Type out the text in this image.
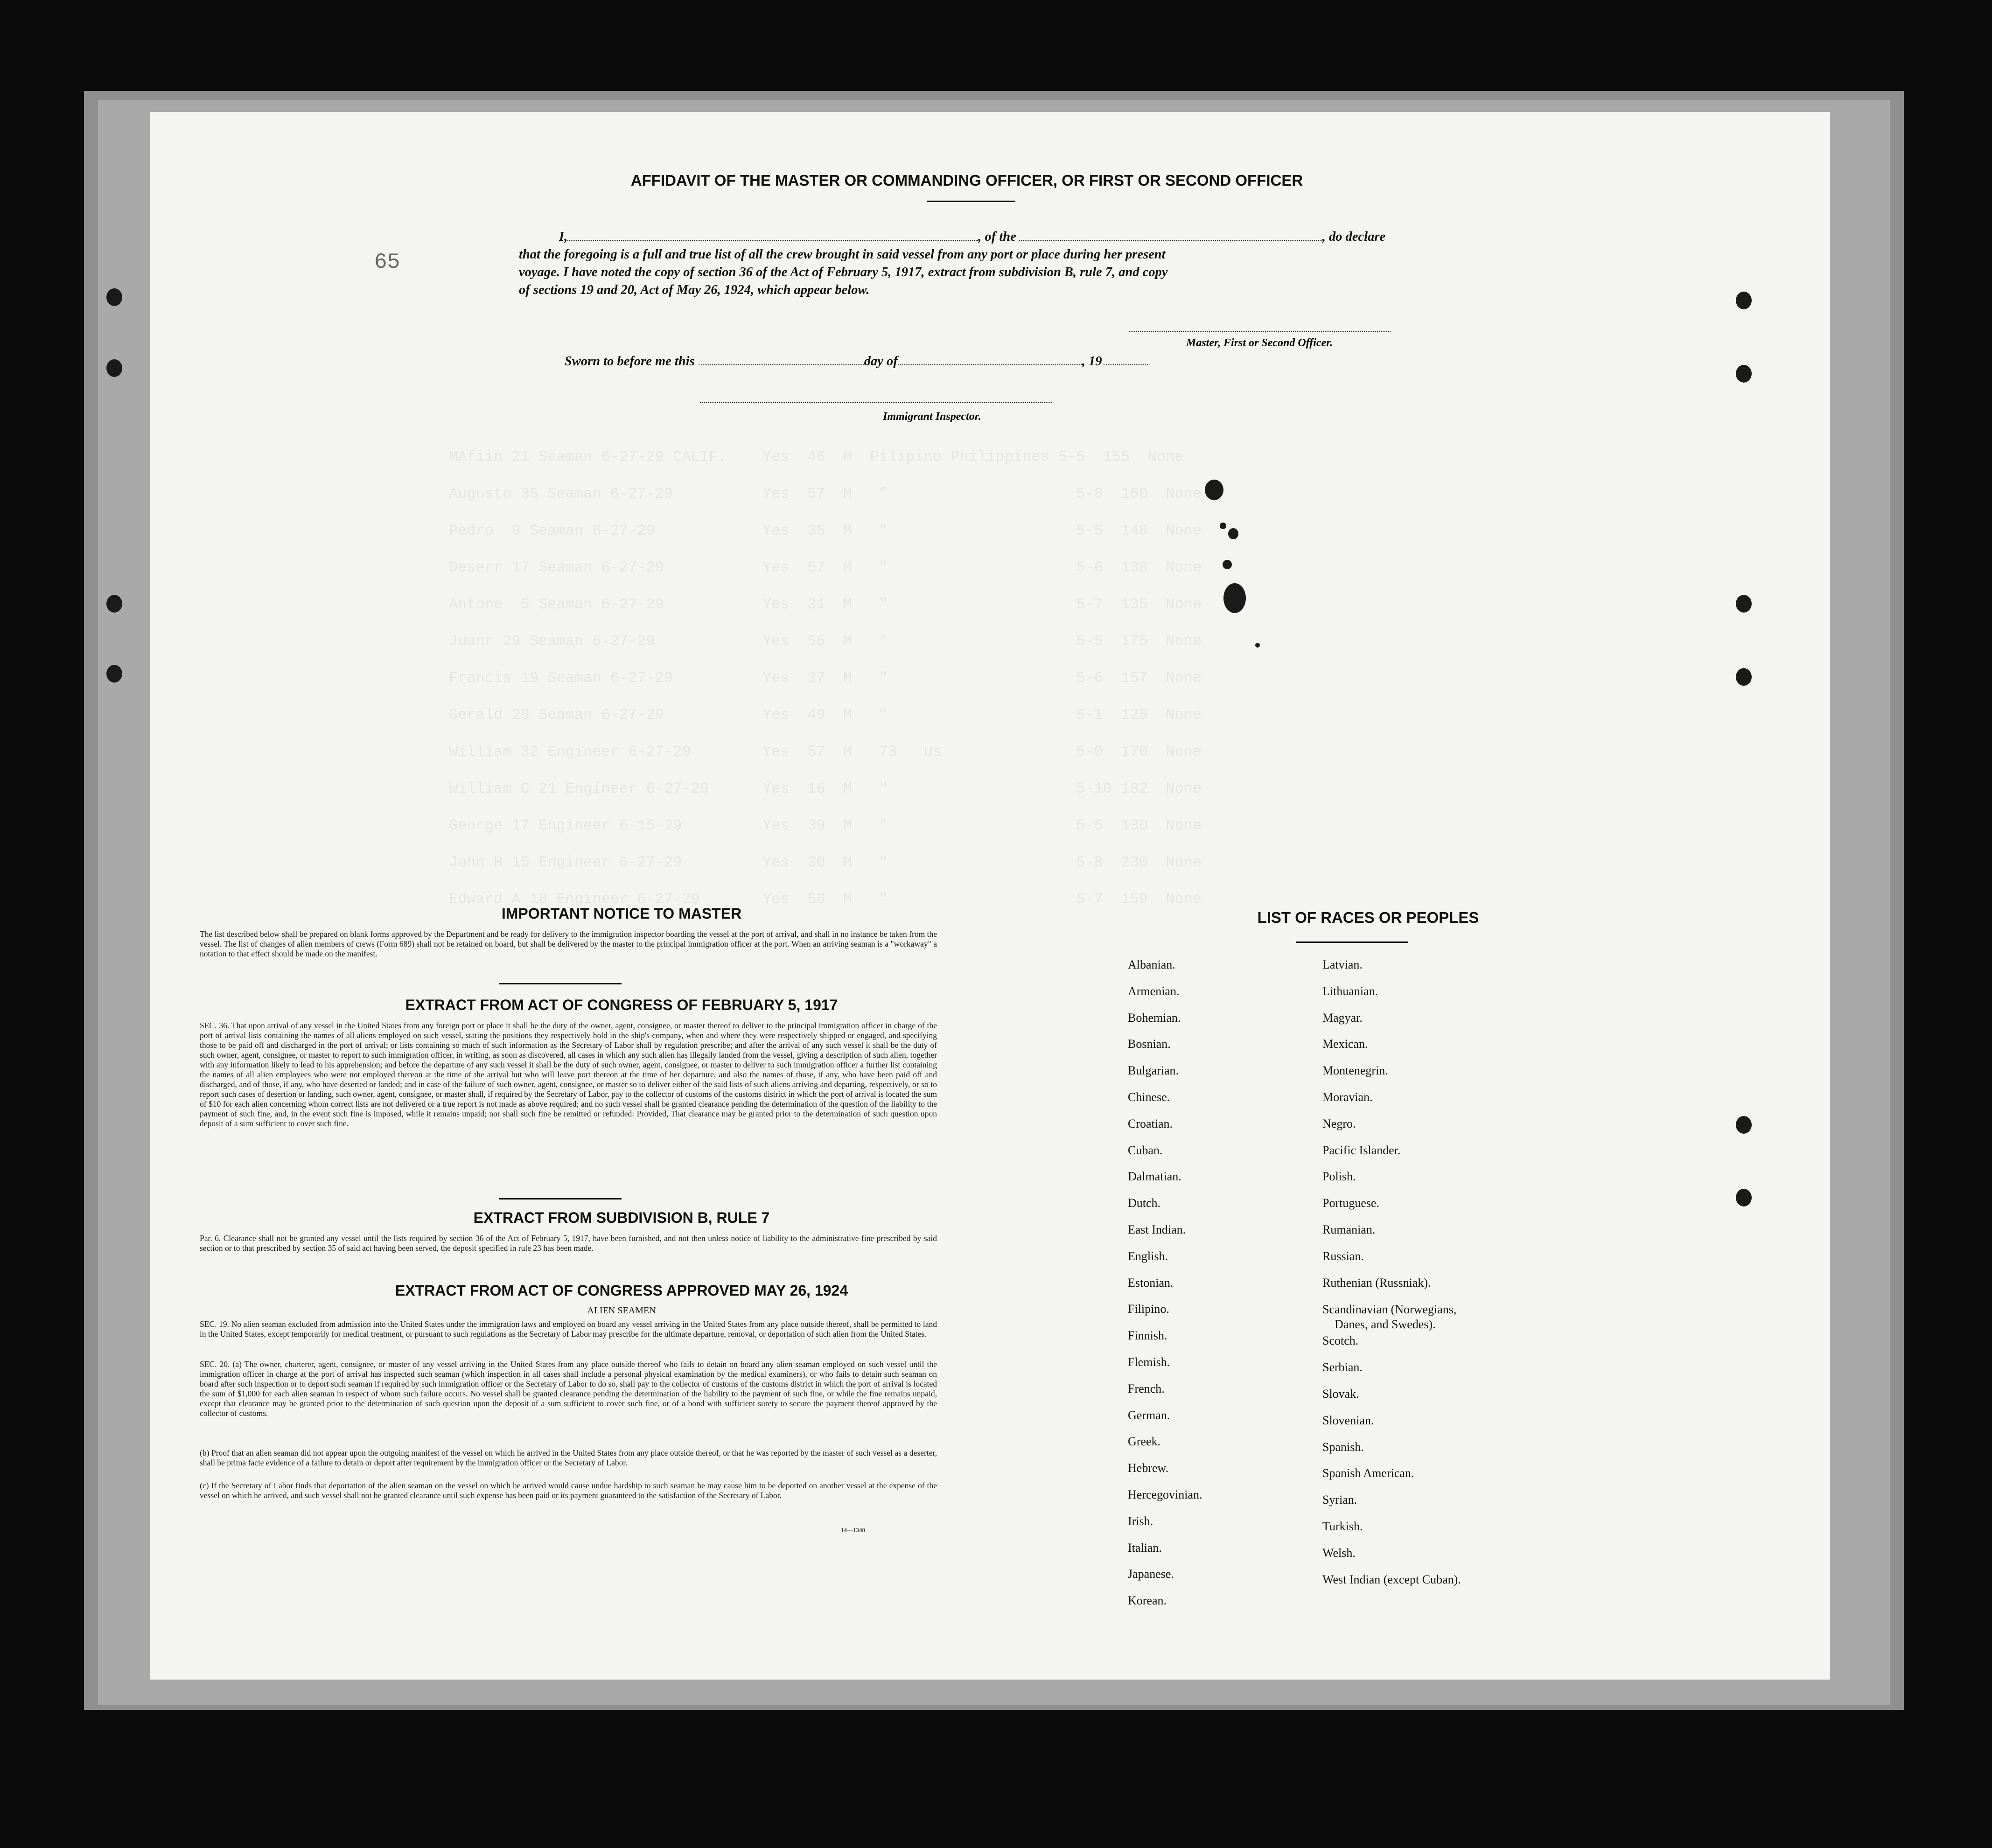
MAfiin 21 Seaman 6-27-29 CALIF.    Yes  46  M  Pilipino Philippines 5-5  155  None
Augusto 35 Seaman 6-27-29          Yes  57  M   "                     5-8  160  None
Pedro  9 Seaman 6-27-29            Yes  35  M   "                     5-5  148  None
Deserr 17 Seaman 6-27-29           Yes  57  M   "                     5-6  138  None
Antone  5 Seaman 6-27-29           Yes  31  M   "                     5-7  135  None
Juanr 29 Seaman 6-27-29            Yes  56  M   "                     5-5  175  None
Francis 19 Seaman 6-27-29          Yes  37  M   "                     5-6  157  None
Gerald 28 Seaman 6-27-29           Yes  49  M   "                     5-1  125  None
William 32 Engineer 6-27-29        Yes  57  M   73   Us               5-0  170  None
William C 21 Engineer 6-27-29      Yes  16  M   "                     5-10 182  None
George 17 Engineer 6-15-29         Yes  39  M   "                     5-5  130  None
John H 15 Engineer 6-27-29         Yes  30  M   "                     5-8  230  None
Edward A 18 Engineer 6-27-29       Yes  56  M   "                     5-7  159  None
65
AFFIDAVIT OF THE MASTER OR COMMANDING OFFICER, OR FIRST OR SECOND OFFICER
I,	, of the	, do declare
that the foregoing is a full and true list of all the crew brought in said vessel from any port or place during her present
voyage. I have noted the copy of section 36 of the Act of February 5, 1917, extract from subdivision B, rule 7, and copy
of sections 19 and 20, Act of May 26, 1924, which appear below.
Master, First or Second Officer.
Sworn to before me this	day of	, 19
Immigrant Inspector.
IMPORTANT NOTICE TO MASTER
The list described below shall be prepared on blank forms approved by the Department and be ready for delivery to the immigration inspector boarding the vessel at the port of arrival, and shall in no instance be taken from the vessel. The list of changes of alien members of crews (Form 689) shall not be retained on board, but shall be delivered by the master to the principal immigration officer at the port. When an arriving seaman is a "workaway" a notation to that effect should be made on the manifest.
EXTRACT FROM ACT OF CONGRESS OF FEBRUARY 5, 1917
SEC. 36. That upon arrival of any vessel in the United States from any foreign port or place it shall be the duty of the owner, agent, consignee, or master thereof to deliver to the principal immigration officer in charge of the port of arrival lists containing the names of all aliens employed on such vessel, stating the positions they respectively hold in the ship's company, when and where they were respectively shipped or engaged, and specifying those to be paid off and discharged in the port of arrival; or lists containing so much of such information as the Secretary of Labor shall by regulation prescribe; and after the arrival of any such vessel it shall be the duty of such owner, agent, consignee, or master to report to such immigration officer, in writing, as soon as discovered, all cases in which any such alien has illegally landed from the vessel, giving a description of such alien, together with any information likely to lead to his apprehension; and before the departure of any such vessel it shall be the duty of such owner, agent, consignee, or master to deliver to such immigration officer a further list containing the names of all alien employees who were not employed thereon at the time of the arrival but who will leave port thereon at the time of her departure, and also the names of those, if any, who have been paid off and discharged, and of those, if any, who have deserted or landed; and in case of the failure of such owner, agent, consignee, or master so to deliver either of the said lists of such aliens arriving and departing, respectively, or so to report such cases of desertion or landing, such owner, agent, consignee, or master shall, if required by the Secretary of Labor, pay to the collector of customs of the customs district in which the port of arrival is located the sum of $10 for each alien concerning whom correct lists are not delivered or a true report is not made as above required; and no such vessel shall be granted clearance pending the determination of the question of the liability to the payment of such fine, and, in the event such fine is imposed, while it remains unpaid; nor shall such fine be remitted or refunded: Provided, That clearance may be granted prior to the determination of such question upon deposit of a sum sufficient to cover such fine.
EXTRACT FROM SUBDIVISION B, RULE 7
Par. 6. Clearance shall not be granted any vessel until the lists required by section 36 of the Act of February 5, 1917, have been furnished, and not then unless notice of liability to the administrative fine prescribed by said section or to that prescribed by section 35 of said act having been served, the deposit specified in rule 23 has been made.
EXTRACT FROM ACT OF CONGRESS APPROVED MAY 26, 1924
ALIEN SEAMEN
SEC. 19. No alien seaman excluded from admission into the United States under the immigration laws and employed on board any vessel arriving in the United States from any place outside thereof, shall be permitted to land in the United States, except temporarily for medical treatment, or pursuant to such regulations as the Secretary of Labor may prescribe for the ultimate departure, removal, or deportation of such alien from the United States.
SEC. 20. (a) The owner, charterer, agent, consignee, or master of any vessel arriving in the United States from any place outside thereof who fails to detain on board any alien seaman employed on such vessel until the immigration officer in charge at the port of arrival has inspected such seaman (which inspection in all cases shall include a personal physical examination by the medical examiners), or who fails to detain such seaman on board after such inspection or to deport such seaman if required by such immigration officer or the Secretary of Labor to do so, shall pay to the collector of customs of the customs district in which the port of arrival is located the sum of $1,000 for each alien seaman in respect of whom such failure occurs. No vessel shall be granted clearance pending the determination of the liability to the payment of such fine, or while the fine remains unpaid, except that clearance may be granted prior to the determination of such question upon the deposit of a sum sufficient to cover such fine, or of a bond with sufficient surety to secure the payment thereof approved by the collector of customs.
(b) Proof that an alien seaman did not appear upon the outgoing manifest of the vessel on which he arrived in the United States from any place outside thereof, or that he was reported by the master of such vessel as a deserter, shall be prima facie evidence of a failure to detain or deport after requirement by the immigration officer or the Secretary of Labor.
(c) If the Secretary of Labor finds that deportation of the alien seaman on the vessel on which he arrived would cause undue hardship to such seaman he may cause him to be deported on another vessel at the expense of the vessel on which he arrived, and such vessel shall not be granted clearance until such expense has been paid or its payment guaranteed to the satisfaction of the Secretary of Labor.
14—1340
LIST OF RACES OR PEOPLES
Albanian.
Armenian.
Bohemian.
Bosnian.
Bulgarian.
Chinese.
Croatian.
Cuban.
Dalmatian.
Dutch.
East Indian.
English.
Estonian.
Filipino.
Finnish.
Flemish.
French.
German.
Greek.
Hebrew.
Hercegovinian.
Irish.
Italian.
Japanese.
Korean.
Latvian.
Lithuanian.
Magyar.
Mexican.
Montenegrin.
Moravian.
Negro.
Pacific Islander.
Polish.
Portuguese.
Rumanian.
Russian.
Ruthenian (Russniak).
Scandinavian (Norwegians,
Danes, and Swedes).
Scotch.
Serbian.
Slovak.
Slovenian.
Spanish.
Spanish American.
Syrian.
Turkish.
Welsh.
West Indian (except Cuban).
